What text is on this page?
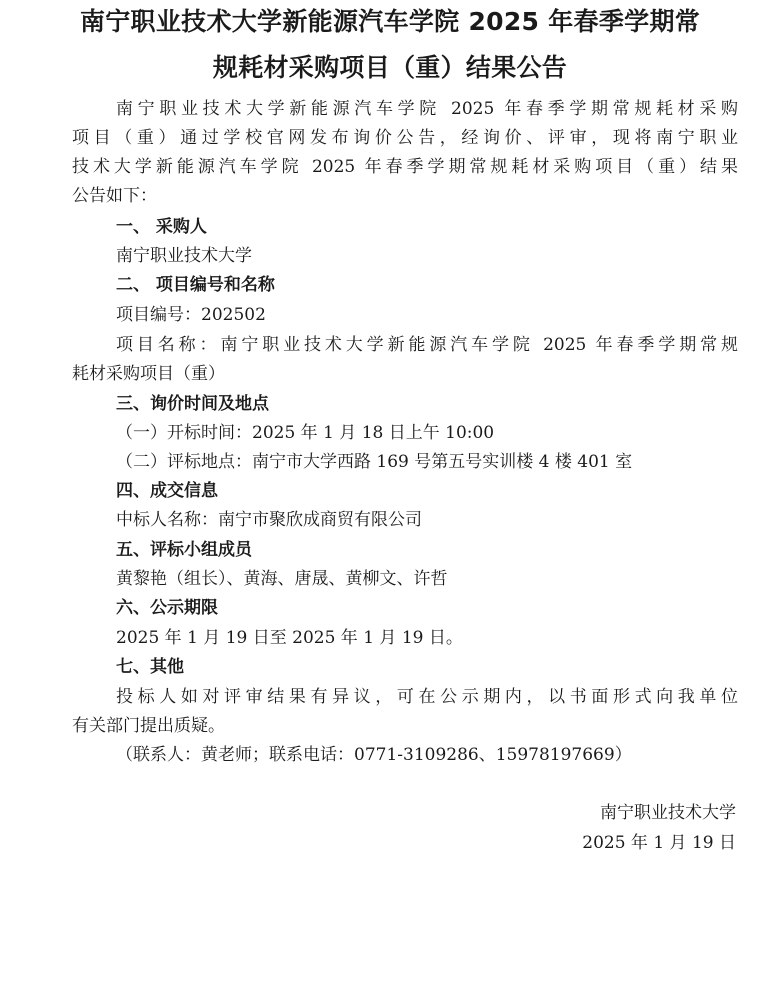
南宁职业技术大学新能源汽车学院 2025 年春季学期常
规耗材采购项目（重）结果公告
南宁职业技术大学新能源汽车学院 2025 年春季学期常规耗材采购
项目（重）通过学校官网发布询价公告，经询价、评审，现将南宁职业
技术大学新能源汽车学院 2025 年春季学期常规耗材采购项目（重）结果
公告如下：
一、 采购人
南宁职业技术大学
二、 项目编号和名称
项目编号：202502
项目名称：南宁职业技术大学新能源汽车学院 2025 年春季学期常规
耗材采购项目（重）
三、询价时间及地点
（一）开标时间：2025 年 1 月 18 日上午 10:00
（二）评标地点：南宁市大学西路 169 号第五号实训楼 4 楼 401 室
四、成交信息
中标人名称：南宁市聚欣成商贸有限公司
五、评标小组成员
黄黎艳（组长）、黄海、唐晟、黄柳文、许哲
六、公示期限
2025 年 1 月 19 日至 2025 年 1 月 19 日。
七、其他
投标人如对评审结果有异议，可在公示期内，以书面形式向我单位
有关部门提出质疑。
（联系人：黄老师；联系电话：0771-3109286、15978197669）
南宁职业技术大学
2025 年 1 月 19 日
